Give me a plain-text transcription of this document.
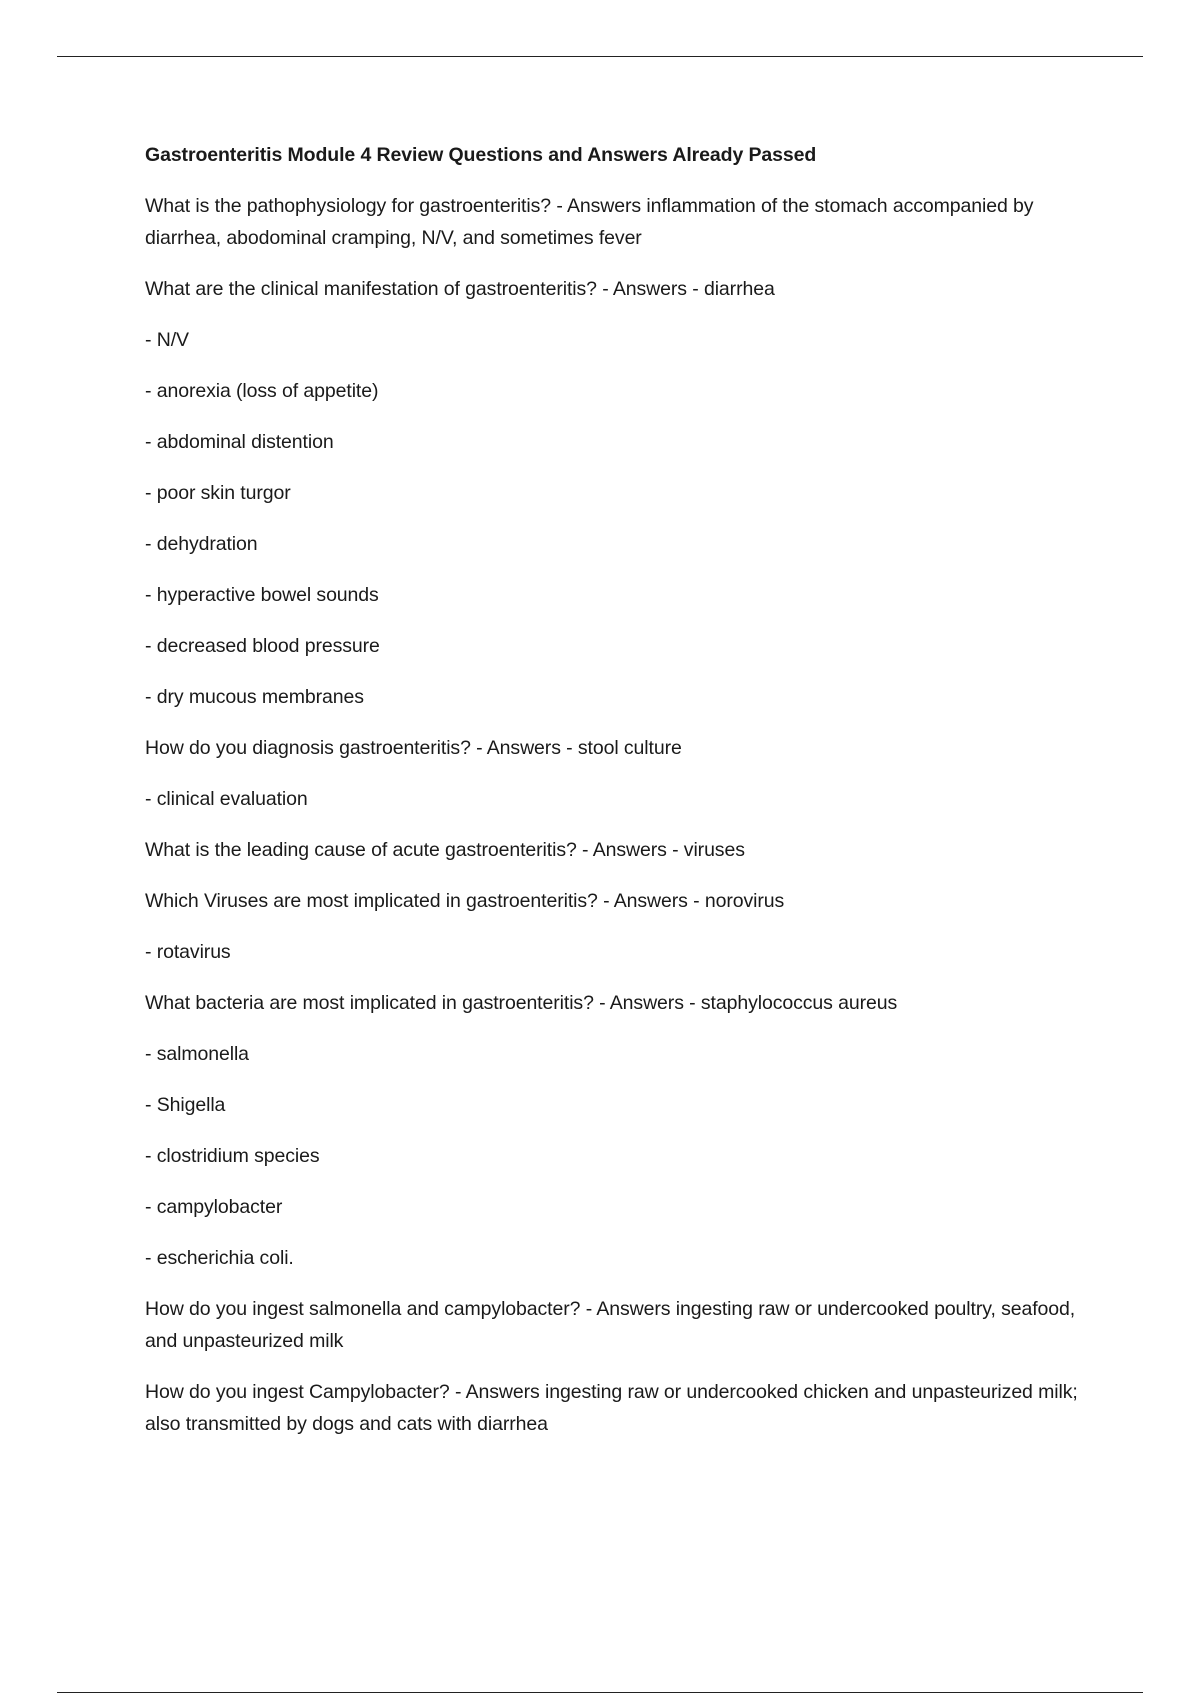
Gastroenteritis Module 4 Review Questions and Answers Already Passed
What is the pathophysiology for gastroenteritis? - Answers inflammation of the stomach accompanied by diarrhea, abodominal cramping, N/V, and sometimes fever
What are the clinical manifestation of gastroenteritis? - Answers - diarrhea
- N/V
- anorexia (loss of appetite)
- abdominal distention
- poor skin turgor
- dehydration
- hyperactive bowel sounds
- decreased blood pressure
- dry mucous membranes
How do you diagnosis gastroenteritis? - Answers - stool culture
- clinical evaluation
What is the leading cause of acute gastroenteritis? - Answers - viruses
Which Viruses are most implicated in gastroenteritis? - Answers - norovirus
- rotavirus
What bacteria are most implicated in gastroenteritis? - Answers - staphylococcus aureus
- salmonella
- Shigella
- clostridium species
- campylobacter
- escherichia coli.
How do you ingest salmonella and campylobacter? - Answers ingesting raw or undercooked poultry, seafood, and unpasteurized milk
How do you ingest Campylobacter? - Answers ingesting raw or undercooked chicken and unpasteurized milk; also transmitted by dogs and cats with diarrhea
